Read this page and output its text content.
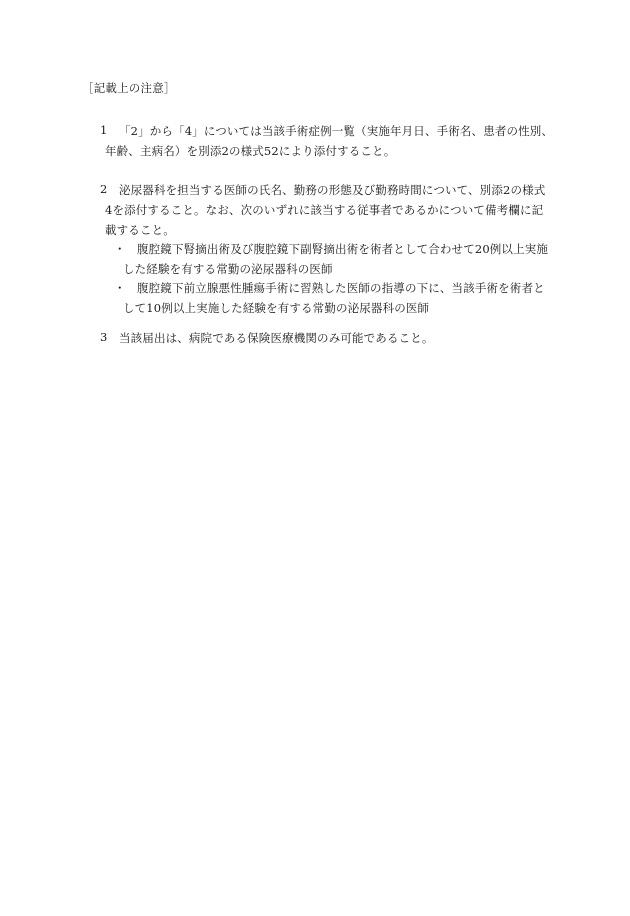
［記載上の注意］
1 「2」から「4」については当該手術症例一覧（実施年月日、手術名、患者の性別、
年齢、主病名）を別添2の様式52により添付すること。
2 泌尿器科を担当する医師の氏名、勤務の形態及び勤務時間について、別添2の様式
4を添付すること。なお、次のいずれに該当する従事者であるかについて備考欄に記
載すること。
・ 腹腔鏡下腎摘出術及び腹腔鏡下副腎摘出術を術者として合わせて20例以上実施
した経験を有する常勤の泌尿器科の医師
・ 腹腔鏡下前立腺悪性腫瘍手術に習熟した医師の指導の下に、当該手術を術者と
して10例以上実施した経験を有する常勤の泌尿器科の医師
3 当該届出は、病院である保険医療機関のみ可能であること。
